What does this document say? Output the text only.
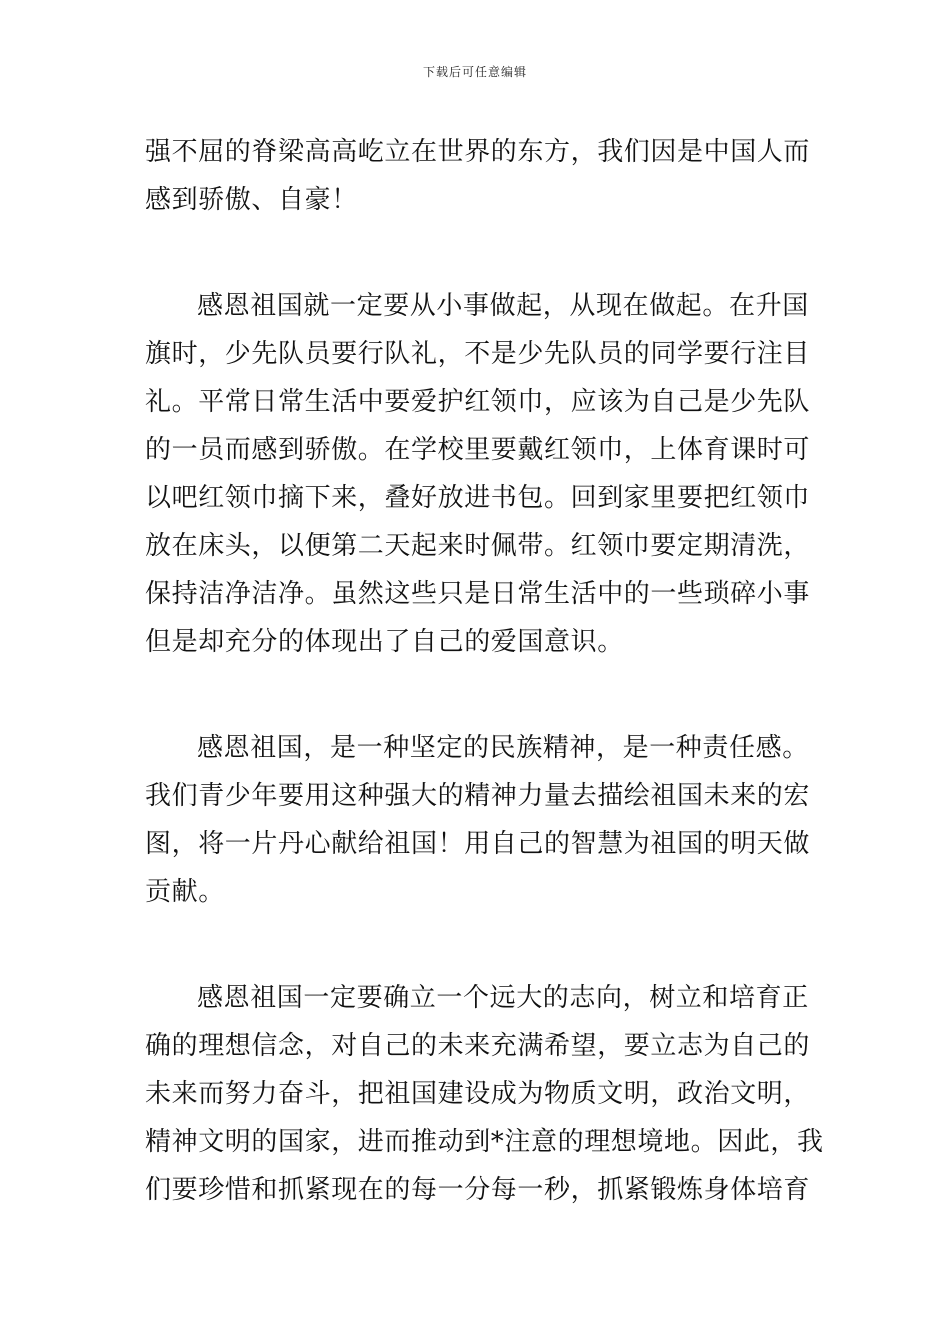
下载后可任意编辑
强不屈的脊梁高高屹立在世界的东方，我们因是中国人而
感到骄傲、自豪！
感恩祖国就一定要从小事做起，从现在做起。在升国
旗时，少先队员要行队礼，不是少先队员的同学要行注目
礼。平常日常生活中要爱护红领巾，应该为自己是少先队
的一员而感到骄傲。在学校里要戴红领巾，上体育课时可
以吧红领巾摘下来，叠好放进书包。回到家里要把红领巾
放在床头，以便第二天起来时佩带。红领巾要定期清洗，
保持洁净洁净。虽然这些只是日常生活中的一些琐碎小事
但是却充分的体现出了自己的爱国意识。
感恩祖国，是一种坚定的民族精神，是一种责任感。
我们青少年要用这种强大的精神力量去描绘祖国未来的宏
图，将一片丹心献给祖国！用自己的智慧为祖国的明天做
贡献。
感恩祖国一定要确立一个远大的志向，树立和培育正
确的理想信念，对自己的未来充满希望，要立志为自己的
未来而努力奋斗，把祖国建设成为物质文明，政治文明，
精神文明的国家，进而推动到*注意的理想境地。因此，我
们要珍惜和抓紧现在的每一分每一秒，抓紧锻炼身体培育
